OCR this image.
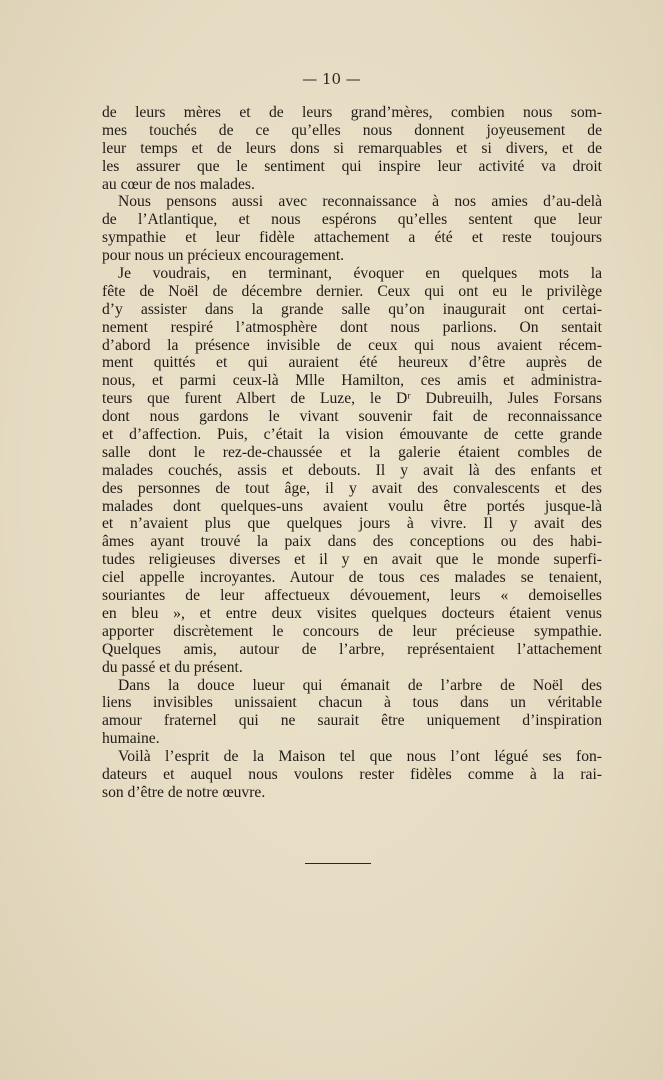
— 10 —
de leurs mères et de leurs grand’mères, combien nous som-
mes touchés de ce qu’elles nous donnent joyeusement de
leur temps et de leurs dons si remarquables et si divers, et de
les assurer que le sentiment qui inspire leur activité va droit
au cœur de nos malades.
Nous pensons aussi avec reconnaissance à nos amies d’au-delà
de l’Atlantique, et nous espérons qu’elles sentent que leur
sympathie et leur fidèle attachement a été et reste toujours
pour nous un précieux encouragement.
Je voudrais, en terminant, évoquer en quelques mots la
fête de Noël de décembre dernier. Ceux qui ont eu le privilège
d’y assister dans la grande salle qu’on inaugurait ont certai-
nement respiré l’atmosphère dont nous parlions. On sentait
d’abord la présence invisible de ceux qui nous avaient récem-
ment quittés et qui auraient été heureux d’être auprès de
nous, et parmi ceux-là Mlle Hamilton, ces amis et administra-
teurs que furent Albert de Luze, le Dʳ Dubreuilh, Jules Forsans
dont nous gardons le vivant souvenir fait de reconnaissance
et d’affection. Puis, c’était la vision émouvante de cette grande
salle dont le rez-de-chaussée et la galerie étaient combles de
malades couchés, assis et debouts. Il y avait là des enfants et
des personnes de tout âge, il y avait des convalescents et des
malades dont quelques-uns avaient voulu être portés jusque-là
et n’avaient plus que quelques jours à vivre. Il y avait des
âmes ayant trouvé la paix dans des conceptions ou des habi-
tudes religieuses diverses et il y en avait que le monde superfi-
ciel appelle incroyantes. Autour de tous ces malades se tenaient,
souriantes de leur affectueux dévouement, leurs « demoiselles
en bleu », et entre deux visites quelques docteurs étaient venus
apporter discrètement le concours de leur précieuse sympathie.
Quelques amis, autour de l’arbre, représentaient l’attachement
du passé et du présent.
Dans la douce lueur qui émanait de l’arbre de Noël des
liens invisibles unissaient chacun à tous dans un véritable
amour fraternel qui ne saurait être uniquement d’inspiration
humaine.
Voilà l’esprit de la Maison tel que nous l’ont légué ses fon-
dateurs et auquel nous voulons rester fidèles comme à la rai-
son d’être de notre œuvre.
